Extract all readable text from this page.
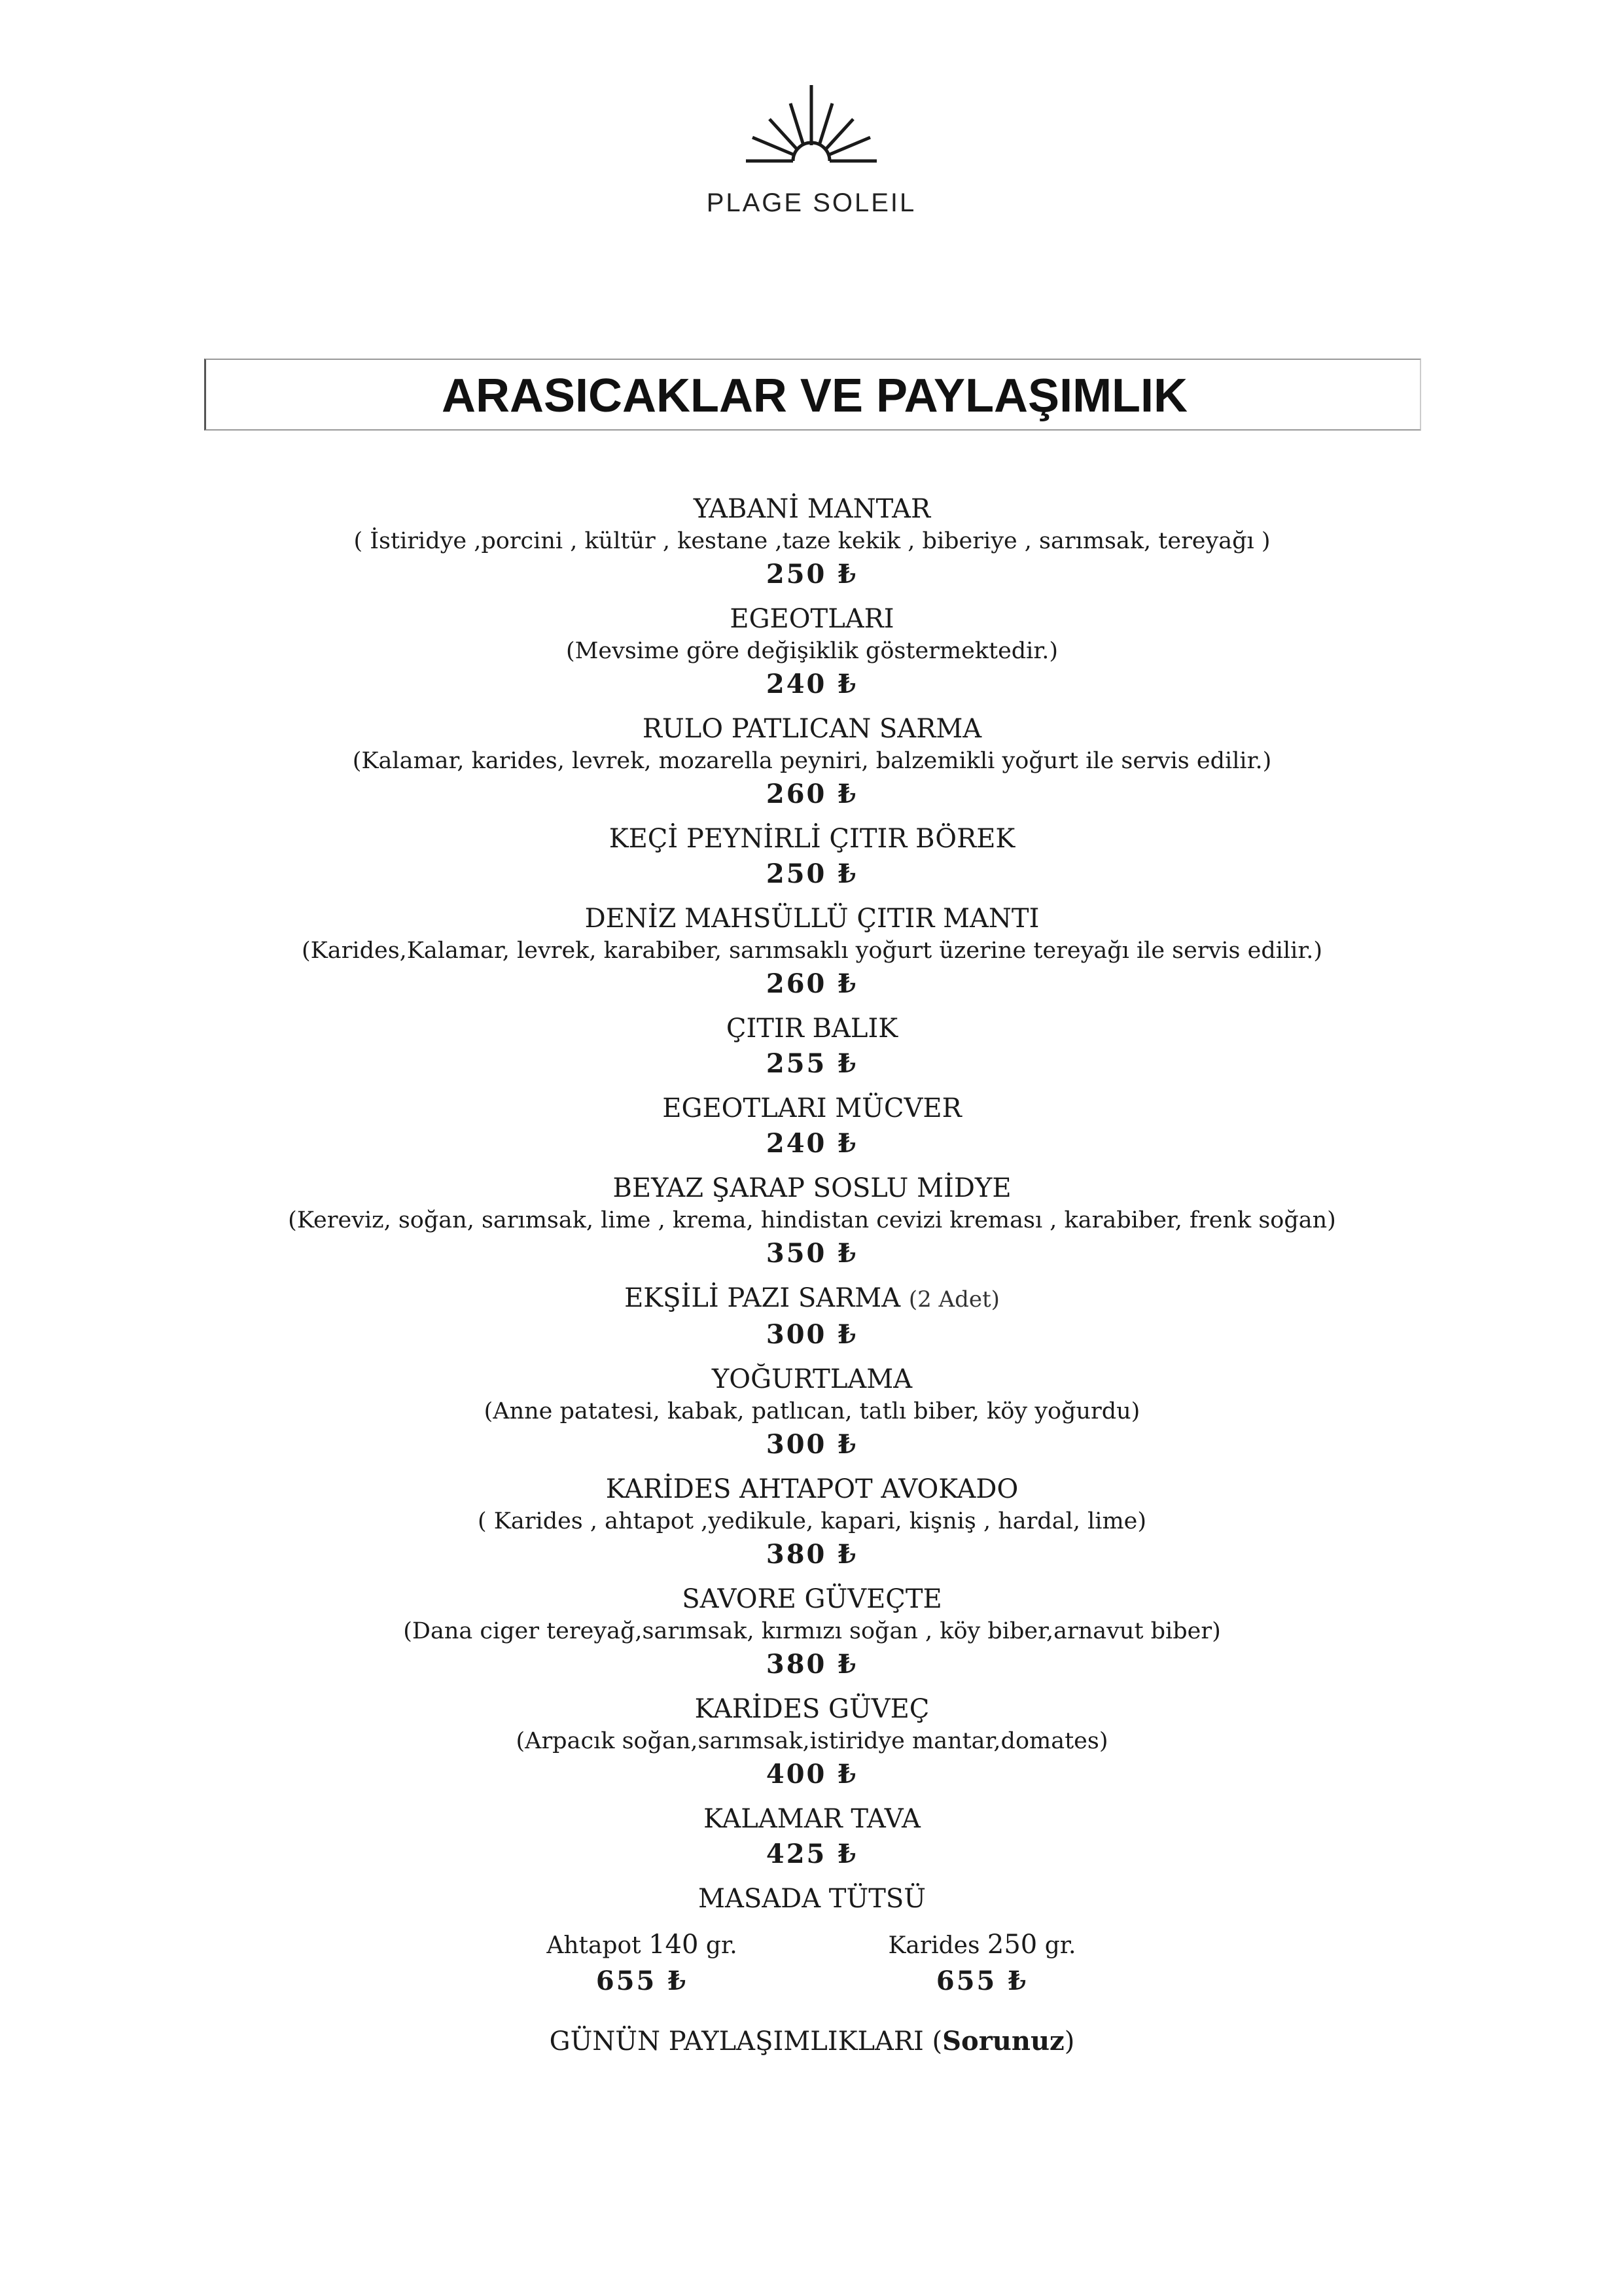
PLAGE SOLEIL
ARASICAKLAR VE PAYLAŞIMLIK
YABANİ MANTAR
( İstiridye ,porcini , kültür , kestane ,taze kekik , biberiye , sarımsak, tereyağı )
250 ₺
EGEOTLARI
(Mevsime göre değişiklik göstermektedir.)
240 ₺
RULO PATLICAN SARMA
(Kalamar, karides, levrek, mozarella peyniri, balzemikli yoğurt ile servis edilir.)
260 ₺
KEÇİ PEYNİRLİ ÇITIR BÖREK
250 ₺
DENİZ MAHSÜLLÜ ÇITIR MANTI
(Karides,Kalamar, levrek, karabiber, sarımsaklı yoğurt üzerine tereyağı ile servis edilir.)
260 ₺
ÇITIR BALIK
255 ₺
EGEOTLARI MÜCVER
240 ₺
BEYAZ ŞARAP SOSLU MİDYE
(Kereviz, soğan, sarımsak, lime , krema, hindistan cevizi kreması , karabiber, frenk soğan)
350 ₺
EKŞİLİ PAZI SARMA (2 Adet)
300 ₺
YOĞURTLAMA
(Anne patatesi, kabak, patlıcan, tatlı biber, köy yoğurdu)
300 ₺
KARİDES AHTAPOT AVOKADO
( Karides , ahtapot ,yedikule, kapari, kişniş , hardal, lime)
380 ₺
SAVORE GÜVEÇTE
(Dana ciger tereyağ,sarımsak, kırmızı soğan , köy biber,arnavut biber)
380 ₺
KARİDES GÜVEÇ
(Arpacık soğan,sarımsak,istiridye mantar,domates)
400 ₺
KALAMAR TAVA
425 ₺
MASADA TÜTSÜ
Ahtapot 140 gr.
655 ₺
Karides 250 gr.
655 ₺
GÜNÜN PAYLAŞIMLIKLARI (Sorunuz)
